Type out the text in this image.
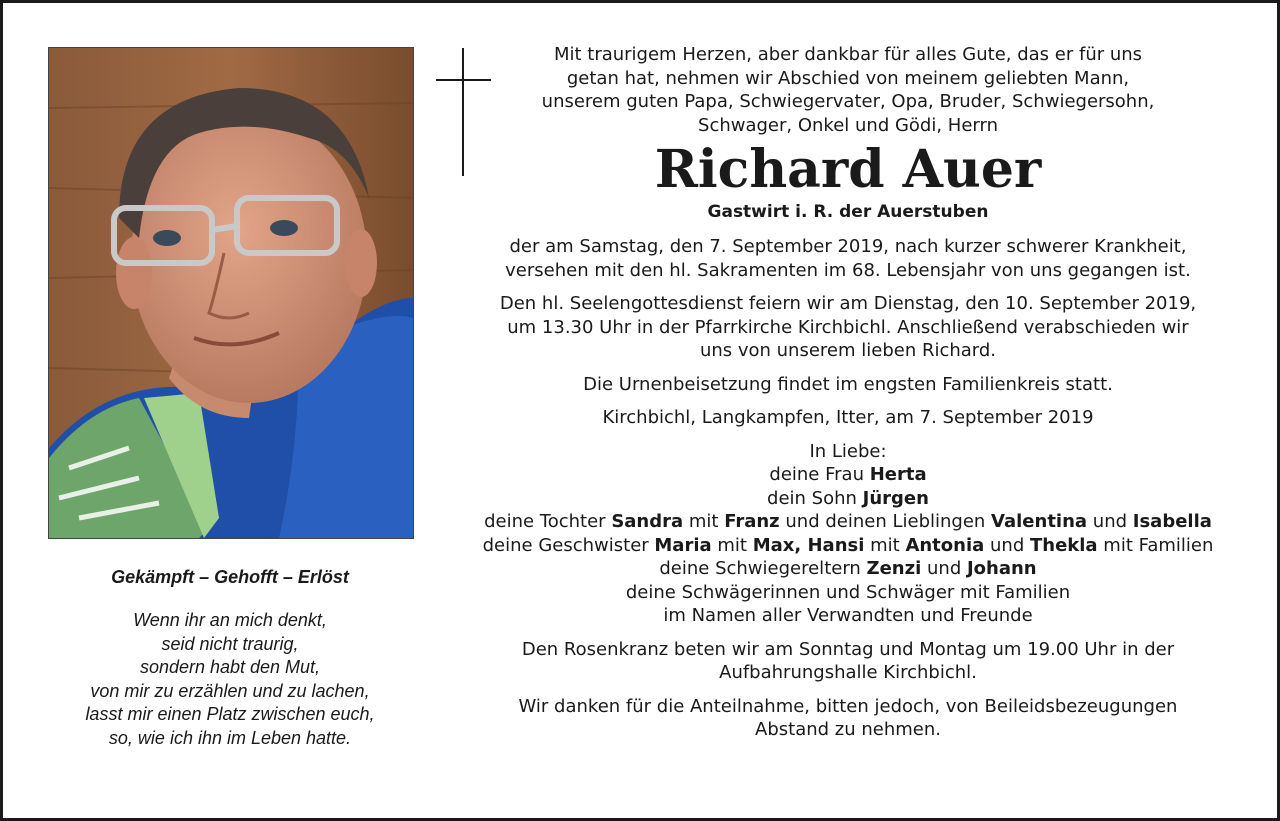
Gekämpft – Gehofft – Erlöst
Wenn ihr an mich denkt,
seid nicht traurig,
sondern habt den Mut,
von mir zu erzählen und zu lachen,
lasst mir einen Platz zwischen euch,
so, wie ich ihn im Leben hatte.
Mit traurigem Herzen, aber dankbar für alles Gute, das er für uns
getan hat, nehmen wir Abschied von meinem geliebten Mann,
unserem guten Papa, Schwiegervater, Opa, Bruder, Schwiegersohn,
Schwager, Onkel und Gödi, Herrn
Richard Auer
Gastwirt i. R. der Auerstuben
der am Samstag, den 7. September 2019, nach kurzer schwerer Krankheit,
versehen mit den hl. Sakramenten im 68. Lebensjahr von uns gegangen ist.
Den hl. Seelengottesdienst feiern wir am Dienstag, den 10. September 2019,
um 13.30 Uhr in der Pfarrkirche Kirchbichl. Anschließend verabschieden wir
uns von unserem lieben Richard.
Die Urnenbeisetzung findet im engsten Familienkreis statt.
Kirchbichl, Langkampfen, Itter, am 7. September 2019
In Liebe:
deine Frau Herta
dein Sohn Jürgen
deine Tochter Sandra mit Franz und deinen Lieblingen Valentina und Isabella
deine Geschwister Maria mit Max, Hansi mit Antonia und Thekla mit Familien
deine Schwiegereltern Zenzi und Johann
deine Schwägerinnen und Schwäger mit Familien
im Namen aller Verwandten und Freunde
Den Rosenkranz beten wir am Sonntag und Montag um 19.00 Uhr in der
Aufbahrungshalle Kirchbichl.
Wir danken für die Anteilnahme, bitten jedoch, von Beileidsbezeugungen
Abstand zu nehmen.
